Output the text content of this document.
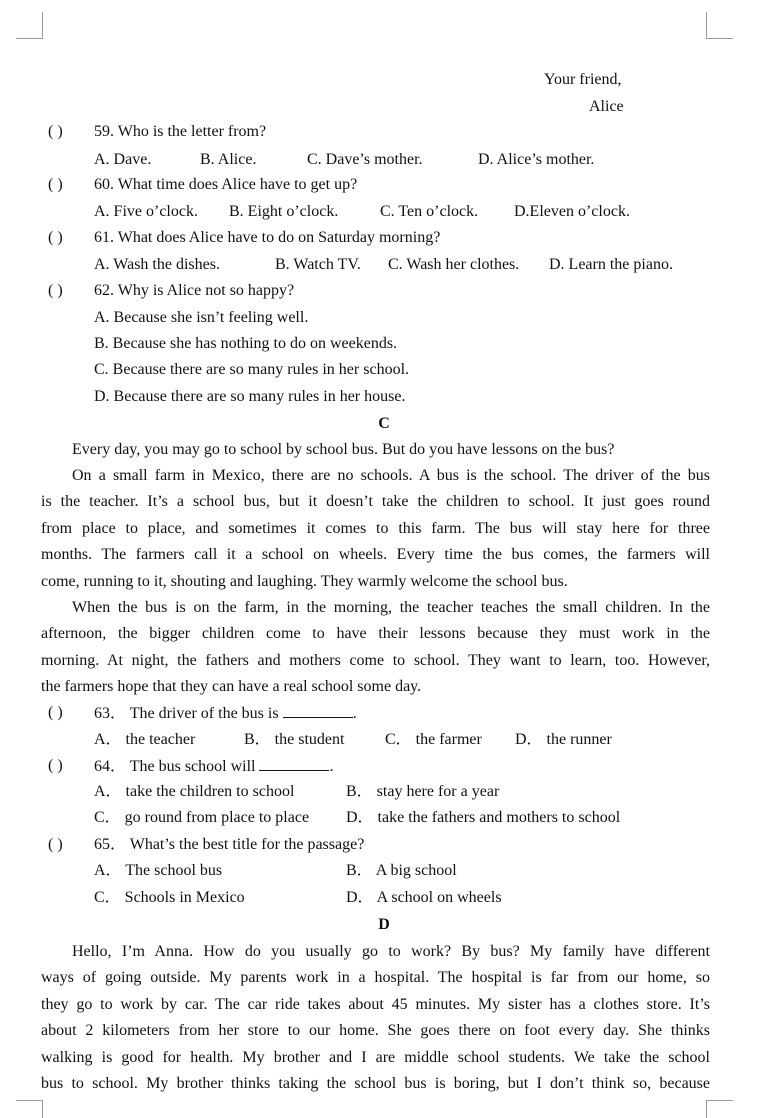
Your friend,
Alice
( ) 59. Who is the letter from?
A. Dave.	B. Alice.	C. Dave’s mother.	D. Alice’s mother.
( ) 60. What time does Alice have to get up?
A. Five o’clock. B. Eight o’clock.	C. Ten o’clock. D.Eleven o’clock.
( ) 61. What does Alice have to do on Saturday morning?
A. Wash the dishes.	B. Watch TV. C. Wash her clothes. D. Learn the piano.
( ) 62. Why is Alice not so happy?
A. Because she isn’t feeling well.
B. Because she has nothing to do on weekends.
C. Because there are so many rules in her school.
D. Because there are so many rules in her house.
C
Every day, you may go to school by school bus. But do you have lessons on the bus?
On a small farm in Mexico, there are no schools. A bus is the school. The driver of the bus
is the teacher. It’s a school bus, but it doesn’t take the children to school. It just goes round
from place to place, and sometimes it comes to this farm. The bus will stay here for three
months. The farmers call it a school on wheels. Every time the bus comes, the farmers will
come, running to it, shouting and laughing. They warmly welcome the school bus.
When the bus is on the farm, in the morning, the teacher teaches the small children. In the
afternoon, the bigger children come to have their lessons because they must work in the
morning. At night, the fathers and mothers come to school. They want to learn, too. However,
the farmers hope that they can have a real school some day.
( ) 63． The driver of the bus is	.
A． the teacher	B． the student	C． the farmer D． the runner
( ) 64． The bus school will	.
A． take the children to school	B． stay here for a year
C． go round from place to place D． take the fathers and mothers to school
( ) 65． What’s the best title for the passage?
A． The school bus	B． A big school
C． Schools in Mexico	D． A school on wheels
D
Hello, I’m Anna. How do you usually go to work? By bus? My family have different
ways of going outside. My parents work in a hospital. The hospital is far from our home, so
they go to work by car. The car ride takes about 45 minutes. My sister has a clothes store. It’s
about 2 kilometers from her store to our home. She goes there on foot every day. She thinks
walking is good for health. My brother and I are middle school students. We take the school
bus to school. My brother thinks taking the school bus is boring, but I don’t think so, because
